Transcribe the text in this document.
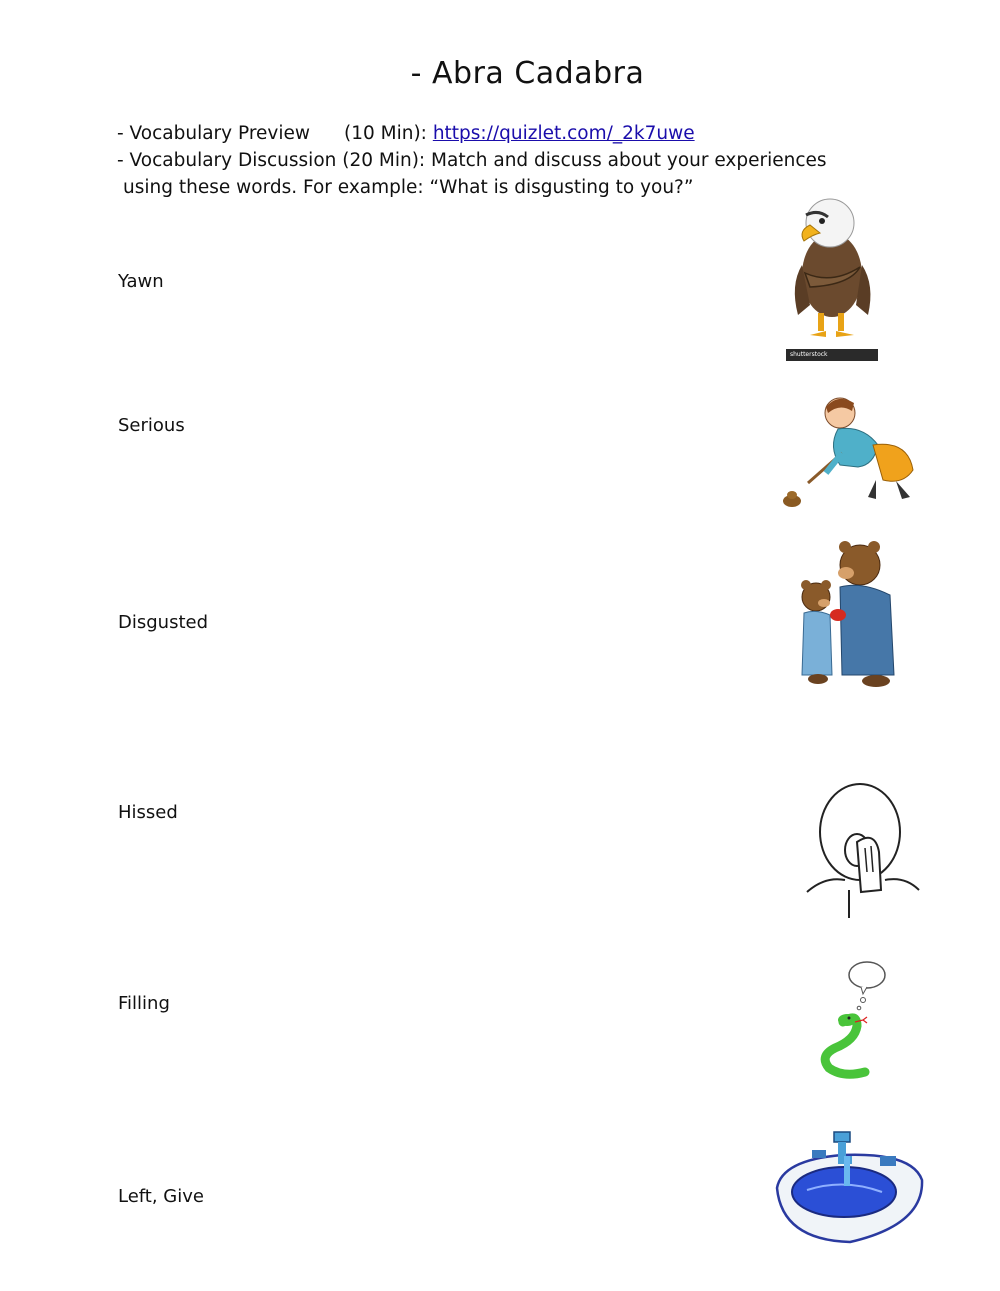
- Abra Cadabra
- Vocabulary Preview (10 Min): https://quizlet.com/_2k7uwe
- Vocabulary Discussion (20 Min): Match and discuss about your experiences
using these words. For example: “What is disgusting to you?”
Yawn
Serious
Disgusted
Hissed
Filling
Left, Give
shutterstock
